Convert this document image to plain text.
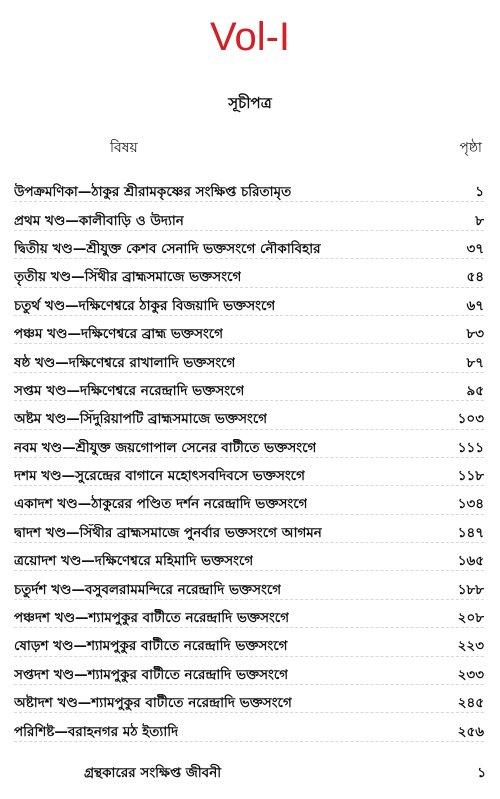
Vol-I
সূচীপত্র
বিষয়	পৃষ্ঠা
উপক্রমণিকা—ঠাকুর শ্রীরামকৃষ্ণের সংক্ষিপ্ত চরিতামৃত	১
প্রথম খণ্ড—কালীবাড়ি ও উদ্যান	৮
দ্বিতীয় খণ্ড—শ্রীযুক্ত কেশব সেনাদি ভক্তসংগে নৌকাবিহার	৩৭
তৃতীয় খণ্ড—সিঁথীর ব্রাহ্মসমাজে ভক্তসংগে	৫৪
চতুর্থ খণ্ড—দক্ষিণেশ্বরে ঠাকুর বিজয়াদি ভক্তসংগে	৬৭
পঞ্চম খণ্ড—দক্ষিণেশ্বরে ব্রাহ্ম ভক্তসংগে	৮৩
ষষ্ঠ খণ্ড—দক্ষিণেশ্বরে রাখালাদি ভক্তসংগে	৮৭
সপ্তম খণ্ড—দক্ষিণেশ্বরে নরেন্দ্রাদি ভক্তসংগে	৯৫
অষ্টম খণ্ড—সিঁদুরিয়াপটি ব্রাহ্মসমাজে ভক্তসংগে	১০৩
নবম খণ্ড—শ্রীযুক্ত জয়গোপাল সেনের বাটীতে ভক্তসংগে	১১১
দশম খণ্ড—সুরেন্দ্রের বাগানে মহোৎসবদিবসে ভক্তসংগে	১১৮
একাদশ খণ্ড—ঠাকুরের পণ্ডিত দর্শন নরেন্দ্রাদি ভক্তসংগে	১৩৪
দ্বাদশ খণ্ড—সিঁথীর ব্রাহ্মসমাজে পুনর্বার ভক্তসংগে আগমন	১৪৭
ত্রয়োদশ খণ্ড—দক্ষিণেশ্বরে মহিমাদি ভক্তসংগে	১৬৫
চতুর্দশ খণ্ড—বসুবলরামমন্দিরে নরেন্দ্রাদি ভক্তসংগে	১৮৮
পঞ্চদশ খণ্ড—শ্যামপুকুর বাটীতে নরেন্দ্রাদি ভক্তসংগে	২০৮
ষোড়শ খণ্ড—শ্যামপুকুর বাটীতে নরেন্দ্রাদি ভক্তসংগে	২২৩
সপ্তদশ খণ্ড—শ্যামপুকুর বাটীতে নরেন্দ্রাদি ভক্তসংগে	২৩৩
অষ্টাদশ খণ্ড—শ্যামপুকুর বাটীতে নরেন্দ্রাদি ভক্তসংগে	২৪৫
পরিশিষ্ট—বরাহনগর মঠ ইত্যাদি	২৫৬
গ্রন্থকারের সংক্ষিপ্ত জীবনী	১
